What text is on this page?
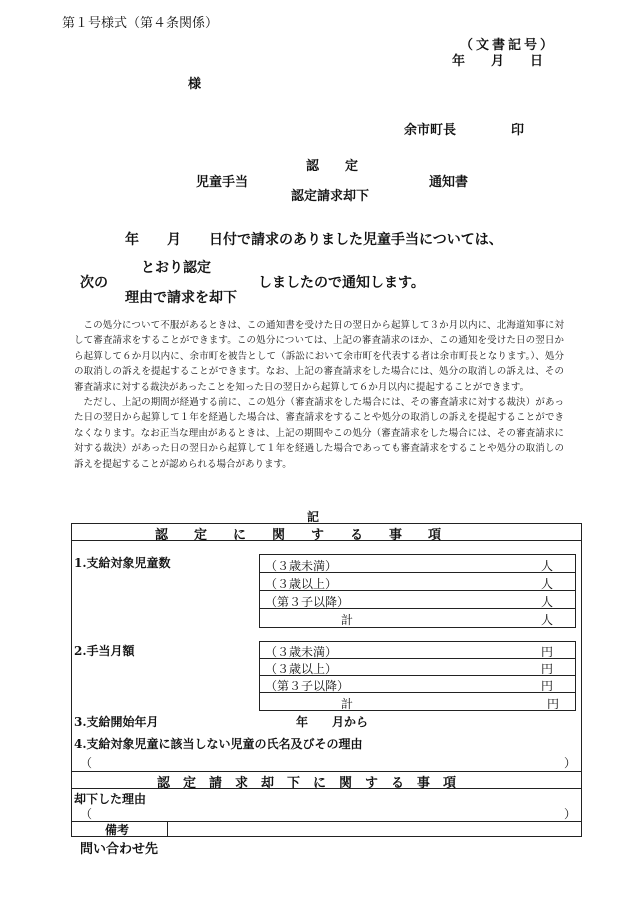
第１号様式（第４条関係）
（文書記号）
年　　月　　日
様
余市町長	印
認　　定
児童手当	通知書
認定請求却下
年　　月　　日付で請求のありました児童手当については、
とおり認定
次の	しましたので通知します。
理由で請求を却下

この処分について不服があるときは、この通知書を受けた日の翌日から起算して３か月以内に、北海道知事に対して審査請求をすることができます。この処分については、上記の審査請求のほか、この通知を受けた日の翌日から起算して６か月以内に、余市町を被告として（訴訟において余市町を代表する者は余市町長となります。）、処分の取消しの訴えを提起することができます。なお、上記の審査請求をした場合には、処分の取消しの訴えは、その審査請求に対する裁決があったことを知った日の翌日から起算して６か月以内に提起することができます。

ただし、上記の期間が経過する前に、この処分（審査請求をした場合には、その審査請求に対する裁決）があった日の翌日から起算して１年を経過した場合は、審査請求をすることや処分の取消しの訴えを提起することができなくなります。なお正当な理由があるときは、上記の期間やこの処分（審査請求をした場合には、その審査請求に対する裁決）があった日の翌日から起算して１年を経過した場合であっても審査請求をすることや処分の取消しの訴えを提起することが認められる場合があります。

記
認　　定　　に　　関　　す　　る　　事　　項
1.支給対象児童数	（３歳未満）	人
（３歳以上）	人
（第３子以降）	人
計	人
2.手当月額	（３歳未満）	円
（３歳以上）	円
（第３子以降）	円
計	円
3.支給開始年月	年　　月から
4.支給対象児童に該当しない児童の氏名及びその理由
（	）
認　定　請　求　却　下　に　関　す　る　事　項
却下した理由
（	）
備考
問い合わせ先
